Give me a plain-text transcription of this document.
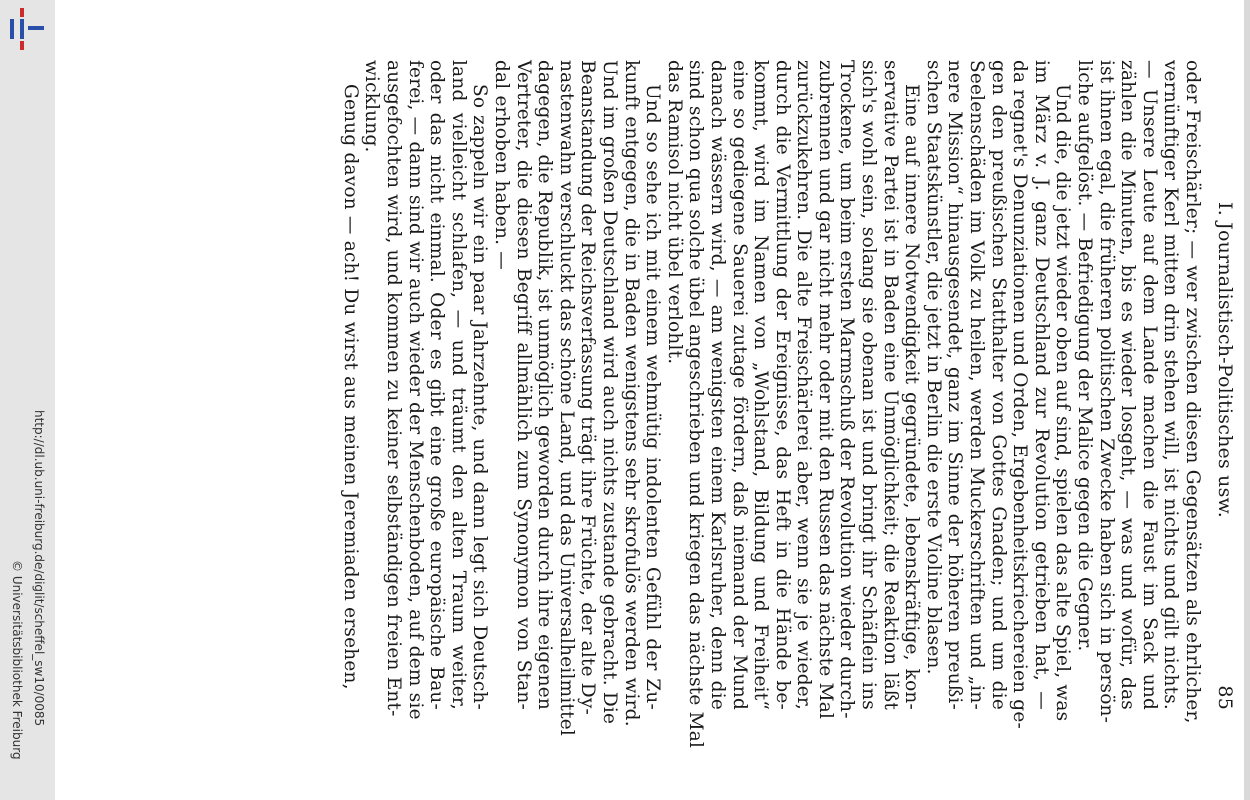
http://dl.ub.uni-freiburg.de/diglit/scheffel_sw10/0085
© Universitätsbibliothek Freiburg
I. Journalistisch-Politisches usw.
85
oder Freischärler; — wer zwischen diesen Gegensätzen als ehrlicher,
vernünftiger Kerl mitten drin stehen will, ist nichts und gilt nichts.
— Unsere Leute auf dem Lande machen die Faust im Sack und
zählen die Minuten, bis es wieder losgeht, — was und wofür, das
ist ihnen egal, die früheren politischen Zwecke haben sich in persön-
liche aufgelöst. — Befriedigung der Malice gegen die Gegner.
Und die, die jetzt wieder oben auf sind, spielen das alte Spiel, was
im März v. J. ganz Deutschland zur Revolution getrieben hat, —
da regnet's Denunziationen und Orden, Ergebenheitskriechereien ge-
gen den preußischen Statthalter von Gottes Gnaden; und um die
Seelenschäden im Volk zu heilen, werden Muckerschriften und „in-
nere Mission“ hinausgesendet, ganz im Sinne der höheren preußi-
schen Staatskünstler, die jetzt in Berlin die erste Violine blasen.
Eine auf innere Notwendigkeit gegründete, lebenskräftige, kon-
servative Partei ist in Baden eine Unmöglichkeit; die Reaktion läßt
sich's wohl sein, solang sie obenan ist und bringt ihr Schäflein ins
Trockene, um beim ersten Marmschuß der Revolution wieder durch-
zubrennen und gar nicht mehr oder mit den Russen das nächste Mal
zurückzukehren. Die alte Freischärlerei aber, wenn sie je wieder,
durch die Vermittlung der Ereignisse, das Heft in die Hände be-
kommt, wird im Namen von „Wohlstand, Bildung und Freiheit“
eine so gediegene Sauerei zutage fördern, daß niemand der Mund
danach wässern wird, — am wenigsten einem Karlsruher, denn die
sind schon qua solche übel angeschrieben und kriegen das nächste Mal
das Ramisol nicht übel verlohlt.
Und so sehe ich mit einem wehmütig indolenten Gefühl der Zu-
kunft entgegen, die in Baden wenigstens sehr skrofulös werden wird.
Und im großen Deutschland wird auch nichts zustande gebracht. Die
Beanstandung der Reichsverfassung trägt ihre Früchte, der alte Dy-
nastenwahn verschluckt das schöne Land, und das Universalheilmittel
dagegen, die Republik, ist unmöglich geworden durch ihre eigenen
Vertreter, die diesen Begriff allmählich zum Synonymon von Stan-
dal erhoben haben. —
So zappeln wir ein paar Jahrzehnte, und dann legt sich Deutsch-
land vielleicht schlafen, — und träumt den alten Traum weiter,
oder das nicht einmal. Oder es gibt eine große europäische Bau-
ferei, — dann sind wir auch wieder der Menschenboden, auf dem sie
ausgefochten wird, und kommen zu keiner selbständigen freien Ent-
wicklung.
Genug davon — ach! Du wirst aus meinen Jeremiaden ersehen,
